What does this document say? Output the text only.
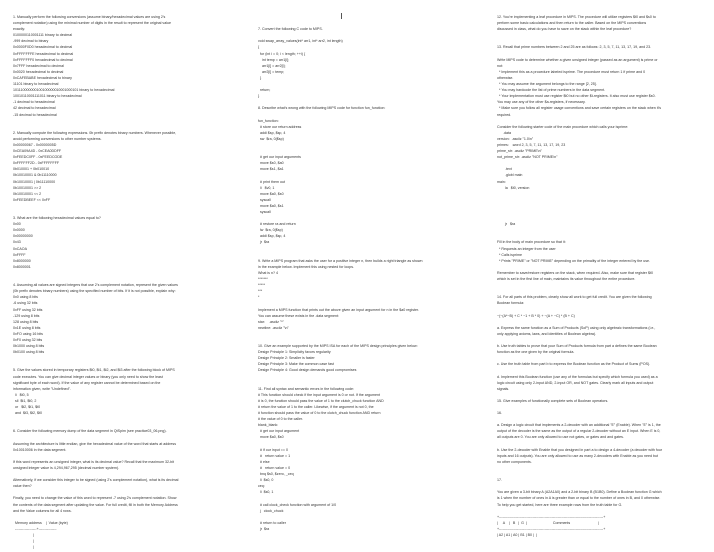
1. Manually perform the following conversions (assume binary/hexadecimal values are using 2's
complement notation) using the minimal number of digits in the result to represent the original value
exactly:
0100000110001111 binary to decimal
-999 decimal to binary
0x0000F0D0 hexadecimal to decimal
0xFFFFFFFE hexadecimal to decimal
0xFFFFFFF0 hexadecimal to decimal
0x7FFF hexadecimal to decimal
0x0020 hexadecimal to decimal
0xCAFEBABE hexadecimal to binary
11101 binary to hexadecimal
101110000000100100000010001000101 binary to hexadecimal
10010110001111011 binary to hexadecimal
-1 decimal to hexadecimal
42 decimal to hexadecimal
-15 decimal to hexadecimal
2. Manually compute the following expressions. 0b prefix denotes binary numbers. Whenever possible,
avoid performing conversions to other number systems.
0x00000067 - 0x0000005D
0xCEA09A4D - 0xCEA0DDFF
0xFEEDC0FF - 0xFEEDCODE
0xFFFFFF2D - 0xFFFFFFFF
0b010001 + 0b010010
0b10010001 & 0b11110000
0b10010001 | 0b11110000
0b10010001 >> 2
0b10010001 << 2
0xFEEDBEEF << 0xFF
3. What are the following hexadecimal values equal to?
0x00
0x0000
0x00000000
0x43
0xCAOA
0xFFFF
0x8000000
0x8000001
4. Assuming all values are signed integers that use 2's complement notation, represent the given values
(0b prefix denotes binary numbers) using the specified number of bits. If it is not possible, explain why:
0x0 using 8 bits
-6 using 32 bits
0xFF using 32 bits
-129 using 8 bits
128 using 8 bits
0x1E using 8 bits
0xFO using 16 bits
0xF0 using 32 bits
0b1000 using 8 bits
0b0100 using 8 bits
5. Give the values stored in temporary registers $t0, $t1, $t2, and $t3 after the following block of MIPS
code executes. You can give decimal integer values or binary (you only need to show the least
significant byte of each word). If the value of any register cannot be determined based on the
information given, write "Undefined".
li   $t0, 5
sll  $t1, $t0, 2
or   $t2, $t1, $t0
and  $t3, $t2, $t0
6. Consider the following memory dump of the data segment in QtSpim (see practice03_06.png).
Assuming the architecture is little endian, give the hexadecimal value of the word that starts at address
0x10010006 in the data segment.
If this word represents an unsigned integer, what is its decimal value? Recall that the maximum 32-bit
unsigned integer value is 4,294,967,295 (decimal number system).
Alternatively, if we consider this integer to be signed (using 2's complement notation), what is its decimal
value then?
Finally, you need to change the value of this word to represent -7 using 2's complement notation. Show
the contents of the data segment after updating the value. For full credit, fill in both the Memory Address
and the Value columns for all 4 rows.
Memory address    |  Value (byte)
------------------+---------------
|
|
|
7. Convert the following C code to MIPS.
void swap_array_values(int* arr1, int* arr2, int length)
{
for (int i = 0; i < length; ++i) {
int temp = arr1[i];
arr1[i] = arr2[i];
arr2[i] = temp;
}
return;
}
8. Describe what's wrong with the following MIPS code for function fun_function:
fun_function:
# store our return address
addi $sp, $sp, 4
sw  $ra, 0($sp)
# get our input arguments
move $s0, $a0
move $s1, $a1
# print them out
li   $v0, 1
move $a0, $s0
syscall
move $a0, $s1
syscall
# restore ra and return
lw  $ra, 0($sp)
addi $sp, $sp, 4
jr  $ra
9. Write a MIPS program that asks the user for a positive integer n, then builds a right triangle as shown
in the example below. Implement this using nested for loops.
What is n? 4
*******
*****
***
*
Implement a MIPS function that prints out the above given an input argument for n in the $a0 register.
You can assume these exists in the .data segment:
star:    .asciiz "*"
newline: .asciiz "\n"
10. Give an example supported by the MIPS ISA for each of the MIPS design principles given below:
Design Principle 1: Simplicity favors regularity
Design Principle 2: Smaller is faster
Design Principle 3: Make the common case fast
Design Principle 4: Good design demands good compromises
11. Find all syntax and semantic errors in the following code:
# This function should check if the input argument is 0 or not. If the argument
# is 0, the function should pass the value of 1 to the clutch_chuck function AND
# return the value of 1 to the caller. Likewise, if the argument is not 0, the
# function should pass the value of 0 to the clutch_chuck function AND return
# the value of 0 to the caller.
blank_blank:
# get our input argument
move $a0, $s0
# if our input == 0
#   return value = 1
# else
#   return value = 0
bnq $s0, $zero, _ceq
li  $s0, 0
ceq:
li  $s0, 1
# call clock_check function with argument of 1/0
j   clock_chuck
# return to caller
jr  $ra
12. You're implementing a leaf procedure in MIPS. The procedure will utilize registers $t0 and $s0 to
perform some basic calculations and then return to the caller. Based on the MIPS conventions
discussed in class, what do you have to save on the stack within the leaf procedure?
13. Recall that prime numbers between 2 and 25 are as follows: 2, 3, 5, 7, 11, 13, 17, 19, and 23.
Write MIPS code to determine whether a given unsigned integer (passed as an argument) is prime or
not:
* Implement this as a procedure labeled isprime. The procedure must return 1 if prime and 0
otherwise.
* You may assume the argument belongs to the range [2, 25].
* You may hardcode the list of prime numbers in the data segment.
* Your implementation must use register $t0 but no other $t-registers. It also must use register $s0.
You may use any of the other $a-registers, if necessary.
* Make sure you follow all register usage conventions and save certain registers on the stack when it's
required.
Consider the following starter code of the main procedure which calls your isprime:
.data
version:  .asciiz "1.0\n"
primes:   .word 2, 3, 5, 7, 11, 13, 17, 19, 23
prime_str: .asciiz "PRIME\n"
not_prime_str: .asciiz "NOT PRIME\n"
.text
.globl main
main:
la   $t0, version
jr   $ra
Fill in the body of main procedure so that it:
* Requests an integer from the user
* Calls isprime
* Prints "PRIME" or "NOT PRIME" depending on the primality of the integer entered by the use.
Remember to save/restore registers on the stack, when required. Also, make sure that register $t0
which is set in the first line of main, maintains its value throughout the entire procedure.
14. For all parts of this problem, clearly show all work to get full credit. You are given the following
Boolean formula:
~(~(A*~B) + C * ~1 + B * 0) + ~(A + ~C) * (B + C)
a. Express the same function as a Sum of Products (SoP) using only algebraic transformations (i.e.,
only applying axioms, laws, and identities of Boolean algebra).
b. Use truth tables to prove that your Sum of Products formula from part a defines the same Boolean
function as the one given by the original formula.
c. Use the truth table from part b to express the Boolean function as the Product of Sums (POS).
d. Implement this Boolean function (use any of the formulas but specify which formula you used) as a
logic circuit using only 2-input AND, 2-input OR, and NOT gates. Clearly mark all inputs and output
signals.
15. Give examples of functionally complete sets of Boolean operators.
16.
a. Design a logic circuit that implements a 2-decoder with an additional "E" (Enable). When "E" is 1, the
output of the decoder is the same as the output of a regular 2-decoder without an E input. When E is 0,
all outputs are 0. You are only allowed to use not gates, or gates and and gates.
b. Use the 2-decoder with Enable that you designed in part a to design a 4-decoder (a decoder with four
inputs and 16 outputs). You are only allowed to use as many 2-decoders with Enable as you need but
no other components.
17.
You are given a 3-bit binary A (A2A1A0) and a 2-bit binary B (B1B0). Define a Boolean function G which
is 1 when the number of ones in A is greater than or equal to the number of ones in B, and 0 otherwise.
To help you get started, here are three example rows from the truth table for G.
+---------------------------------------------------------------------------------------+
|     A    |   B   |  G  |                          Comments                            |
+---------------------------------------------------------------------------------------+
| A2 | A1 | A0 | B1 | B0 |  |
